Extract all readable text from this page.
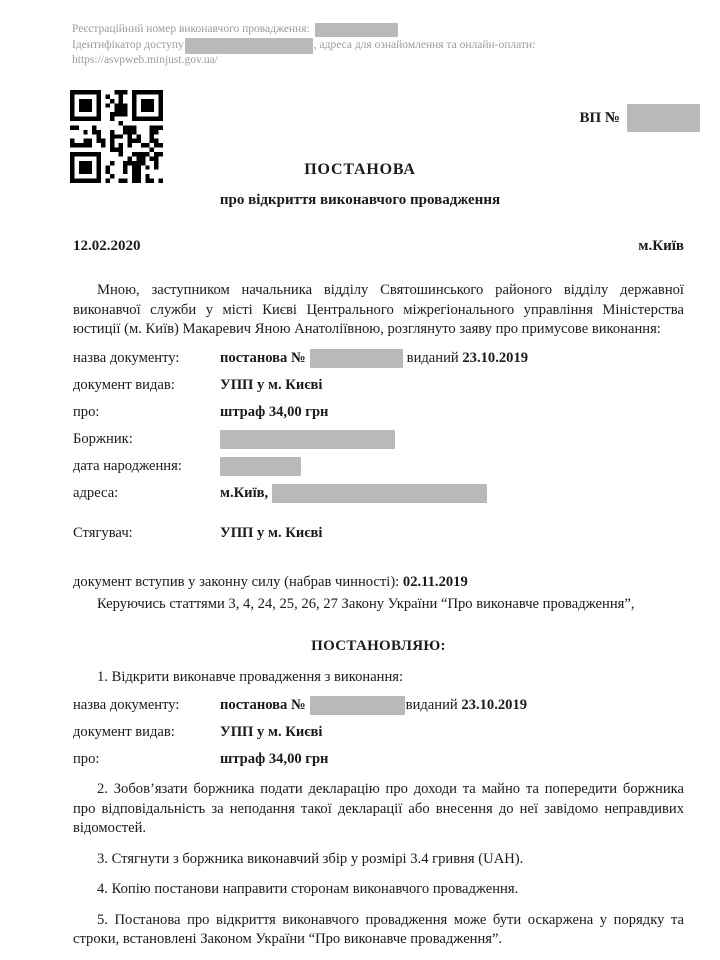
Реєстраційний номер виконавчого провадження:
Ідентифікатор доступу	, адреса для ознайомлення та онлайн-оплати:
https://asvpweb.minjust.gov.ua/
ВП №
ПОСТАНОВА
про відкриття виконавчого провадження
12.02.2020	м.Київ

Мною, заступником начальника відділу Святошинського районого відділу державної виконавчої служби у місті Києві Центрального міжрегіонального управління Міністерства юстиції (м. Київ) Макаревич Яною Анатоліївною, розглянуто заяву про примусове виконання:

назва документу:	постанова №	виданий 23.10.2019
документ видав:	УПП у м. Києві
про:	штраф 34,00 грн
Боржник:
дата народження:
адреса:	м.Київ,
Стягувач:	УПП у м. Києві
документ вступив у законну силу (набрав чинності): 02.11.2019

Керуючись статтями 3, 4, 24, 25, 26, 27 Закону України “Про виконавче провадження”,

ПОСТАНОВЛЯЮ:

1. Відкрити виконавче провадження з виконання:

назва документу:	постанова №	виданий 23.10.2019
документ видав:	УПП у м. Києві
про:	штраф 34,00 грн

2. Зобов’язати боржника подати декларацію про доходи та майно та попередити боржника про відповідальність за неподання такої декларації або внесення до неї завідомо неправдивих відомостей.

3. Стягнути з боржника виконавчий збір у розмірі 3.4 гривня (UAH).

4. Копію постанови направити сторонам виконавчого провадження.

5. Постанова про відкриття виконавчого провадження може бути оскаржена у порядку та строки, встановлені Законом України “Про виконавче провадження”.
